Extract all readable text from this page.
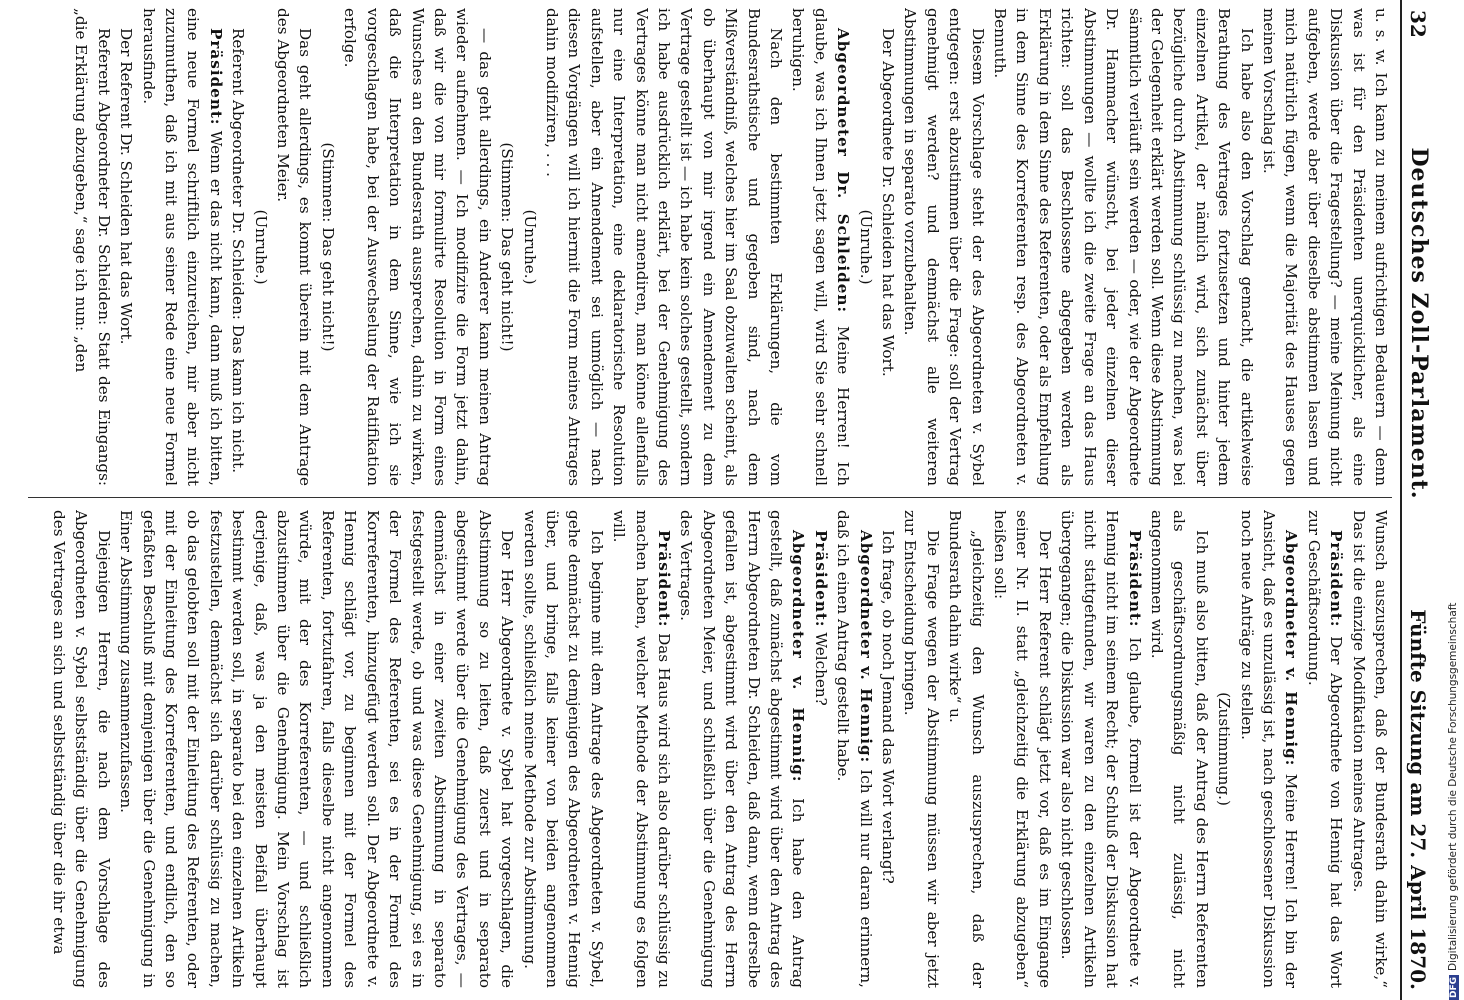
32
Deutsches Zoll-Parlament.
Fünfte Sitzung am 27. April 1870.

u. s. w. Ich kann zu meinem aufrichtigen Bedauern — denn was ist für den Präsidenten unerquicklicher, als eine Diskussion über die Fragestellung? — meine Meinung nicht aufgeben, werde aber über dieselbe abstimmen lassen und mich natürlich fügen, wenn die Majorität des Hauses gegen meinen Vorschlag ist.

Ich habe also den Vorschlag gemacht, die artikelweise Berathung des Vertrages fortzusetzen und hinter jedem einzelnen Artikel, der nämlich wird, sich zunächst über bezügliche durch Abstimmung schlüssig zu machen, was bei der Gelegenheit erklärt werden soll. Wenn diese Abstimmung sämmtlich verläuft sein werden — oder, wie der Abgeordnete Dr. Hammacher wünscht, bei jeder einzelnen dieser Abstimmungen — wollte ich die zweite Frage an das Haus richten: soll das Beschlossene abgegeben werden als Erklärung in dem Sinne des Referenten, oder als Empfehlung in dem Sinne des Korreferenten resp. des Abgeordneten v. Bennuth.

Diesem Vorschlage steht der des Abgeordneten v. Sybel entgegen: erst abzustimmen über die Frage: soll der Vertrag genehmigt werden? und demnächst alle weiteren Abstimmungen in separato vorzubehalten.

Der Abgeordnete Dr. Schleiden hat das Wort.

(Unruhe.)

Abgeordneter Dr. Schleiden: Meine Herren! Ich glaube, was ich Ihnen jetzt sagen will, wird Sie sehr schnell beruhigen.

Nach den bestimmten Erklärungen, die vom Bundesrathstische und gegeben sind, nach dem Mißverständniß, welches hier im Saal obzuwalten scheint, als ob überhaupt von mir irgend ein Amendement zu dem Vertrage gestellt ist — ich habe kein solches gestellt, sondern ich habe ausdrücklich erklärt, bei der Genehmigung des Vertrages könne man nicht amendiren, man könne allenfalls nur eine Interpretation, eine deklaratorische Resolution aufstellen, aber ein Amendement sei unmöglich — nach diesen Vorgängen will ich hiermit die Form meines Antrages dahin modifiziren, . . .

(Unruhe.)

(Stimmen: Das geht nicht!)

— das geht allerdings, ein Anderer kann meinen Antrag wieder aufnehmen. — Ich modifizire die Form jetzt dahin, daß wir die von mir formulirte Resolution in Form eines Wunsches an den Bundesrath aussprechen, dahin zu wirken, daß die Interpretation in dem Sinne, wie ich sie vorgeschlagen habe, bei der Auswechselung der Ratifikation erfolge.

(Stimmen: Das geht nicht!)

Das geht allerdings, es kommt überein mit dem Antrage des Abgeordneten Meier.

(Unruhe.)

Referent Abgeordneter Dr. Schleiden: Das kann ich nicht.

Präsident: Wenn er das nicht kann, dann muß ich bitten, eine neue Formel schriftlich einzureichen, mir aber nicht zuzumuthen, daß ich mit aus seiner Rede eine neue Formel herausfinde.

Der Referent Dr. Schleiden hat das Wort.

Referent Abgeordneter Dr. Schleiden: Statt des Eingangs: „die Erklärung abzugeben,“ sage ich nun: „den

Wunsch auszusprechen, daß der Bundesrath dahin wirke,“ Das ist die einzige Modifikation meines Antrages.

Präsident: Der Abgeordnete von Hennig hat das Wort zur Geschäftsordnung.

Abgeordneter v. Hennig: Meine Herren! Ich bin der Ansicht, daß es unzulässig ist, nach geschlossener Diskussion noch neue Anträge zu stellen.

(Zustimmung.)

Ich muß also bitten, daß der Antrag des Herrn Referenten als geschäftsordnungsmäßig nicht zulässig, nicht angenommen wird.

Präsident: Ich glaube, formell ist der Abgeordnete v. Hennig nicht im seinem Recht; der Schluß der Diskussion hat nicht stattgefunden, wir waren zu den einzelnen Artikeln übergegangen; die Diskussion war also nicht geschlossen.

Der Herr Referent schlägt jetzt vor, daß es im Eingange seiner Nr. II. statt „gleichzeitig die Erklärung abzugeben“ heißen soll:

„gleichzeitig den Wunsch auszusprechen, daß der Bundesrath dahin wirke“ u.

Die Frage wegen der Abstimmung müssen wir aber jetzt zur Entscheidung bringen.

Ich frage, ob noch Jemand das Wort verlangt?

Abgeordneter v. Hennig: Ich will nur daran erinnern, daß ich einen Antrag gestellt habe.

Präsident: Welchen?

Abgeordneter v. Hennig: Ich habe den Antrag gestellt, daß zunächst abgestimmt wird über den Antrag des Herrn Abgeordneten Dr. Schleiden, daß dann, wenn derselbe gefallen ist, abgestimmt wird über den Antrag des Herrn Abgeordneten Meier, und schließlich über die Genehmigung des Vertrages.

Präsident: Das Haus wird sich also darüber schlüssig zu machen haben, welcher Methode der Abstimmung es folgen will.

Ich beginne mit dem Antrage des Abgeordneten v. Sybel, gehe demnächst zu demjenigen des Abgeordneten v. Hennig über, und bringe, falls keiner von beiden angenommen werden sollte, schließlich meine Methode zur Abstimmung.

Der Herr Abgeordnete v. Sybel hat vorgeschlagen, die Abstimmung so zu leiten, daß zuerst und in separato abgestimmt werde über die Genehmigung des Vertrages, — demnächst in einer zweiten Abstimmung in separato festgestellt werde, ob und was diese Genehmigung, sei es in der Formel des Referenten, sei es in der Formel des Korreferenten, hinzugefügt werden soll. Der Abgeordnete v. Hennig schlägt vor, zu beginnen mit der Formel des Referenten, fortzufahren, falls dieselbe nicht angenommen würde, mit der des Korreferenten, — und schließlich abzustimmen über die Genehmigung. Mein Vorschlag ist derjenige, daß, was ja den meisten Beifall überhaupt bestimmt werden soll, in separato bei den einzelnen Artikeln festzustellen, demnächst sich darüber schlüssig zu machen, ob das gelobten soll mit der Einleitung des Referenten, oder mit der Einleitung des Korreferenten, und endlich, den so gefaßten Beschluß mit demjenigen über die Genehmigung in Einer Abstimmung zusammenzufassen.

Diejenigen Herren, die nach dem Vorschlage des Abgeordneten v. Sybel selbstständig über die Genehmigung des Vertrages an sich und selbstständig über die ihr etwa

DFGDigitalisierung gefördert durch die Deutsche Forschungsgemeinschaft
